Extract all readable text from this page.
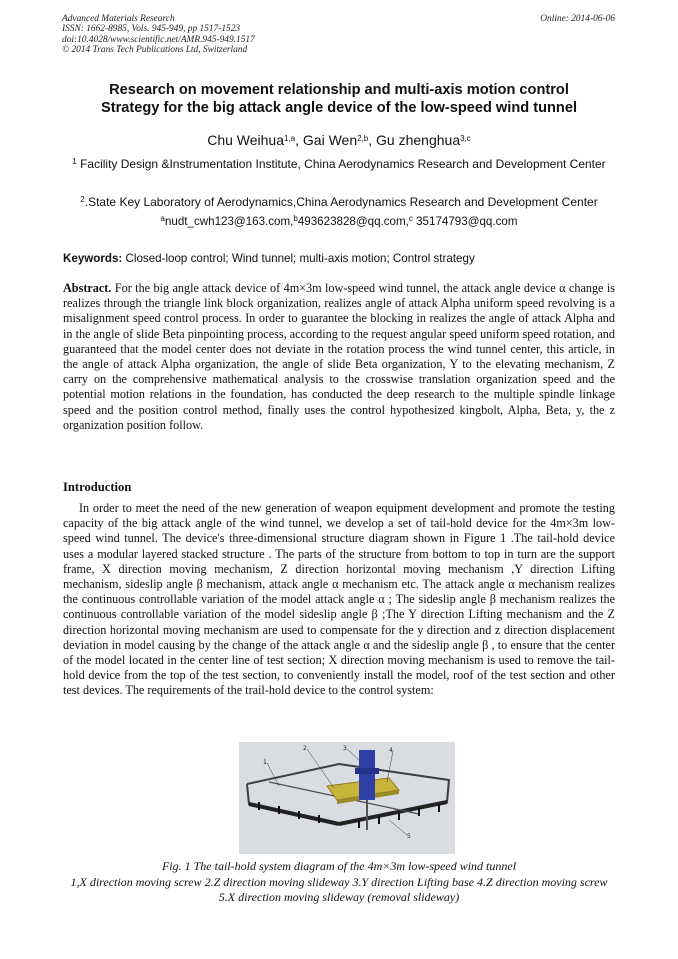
Advanced Materials Research
ISSN: 1662-8985, Vols. 945-949, pp 1517-1523
doi:10.4028/www.scientific.net/AMR.945-949.1517
© 2014 Trans Tech Publications Ltd, Switzerland
Online: 2014-06-06
Research on movement relationship and multi-axis motion control
Strategy for the big attack angle device of the low-speed wind tunnel
Chu Weihua$^{1,a}$, Gai Wen$^{2,b}$, Gu zhenghua$^{3,c}$
$^1$ Facility Design &Instrumentation Institute, China Aerodynamics Research and Development Center
$^2$.State Key Laboratory of Aerodynamics,China Aerodynamics Research and Development Center
$^a$nudt_cwh123@163.com,$^b$493623828@qq.com,$^c$ 35174793@qq.com
Keywords: Closed-loop control; Wind tunnel; multi-axis motion; Control strategy
Abstract. For the big angle attack device of 4m×3m low-speed wind tunnel, the attack angle device α change is realizes through the triangle link block organization, realizes angle of attack Alpha uniform speed revolving is a misalignment speed control process. In order to guarantee the blocking in realizes the angle of attack Alpha and in the angle of slide Beta pinpointing process, according to the request angular speed uniform speed rotation, and guaranteed that the model center does not deviate in the rotation process the wind tunnel center, this article, in the angle of attack Alpha organization, the angle of slide Beta organization, Y to the elevating mechanism, Z carry on the comprehensive mathematical analysis to the crosswise translation organization speed and the potential motion relations in the foundation, has conducted the deep research to the multiple spindle linkage speed and the position control method, finally uses the control hypothesized kingbolt, Alpha, Beta, y, the z organization position follow.
Introduction
In order to meet the need of the new generation of weapon equipment development and promote the testing capacity of the big attack angle of the wind tunnel, we develop a set of tail-hold device for the 4m×3m low-speed wind tunnel. The device's three-dimensional structure diagram shown in Figure 1 .The tail-hold device uses a modular layered stacked structure . The parts of the structure from bottom to top in turn are the support frame, X direction moving mechanism, Z direction horizontal moving mechanism ,Y direction Lifting mechanism, sideslip angle β mechanism, attack angle α mechanism etc. The attack angle α mechanism realizes the continuous controllable variation of the model attack angle α ; The sideslip angle β mechanism realizes the continuous controllable variation of the model sideslip angle β ;The Y direction Lifting mechanism and the Z direction horizontal moving mechanism are used to compensate for the y direction and z direction displacement deviation in model causing by the change of the attack angle α and the sideslip angle β , to ensure that the center of the model located in the center line of test section; X direction moving mechanism is used to remove the tail-hold device from the top of the test section, to conveniently install the model, roof of the test section and other test devices. The requirements of the trail-hold device to the control system:
1
2	3	4
5
Fig. 1 The tail-hold system diagram of the 4m×3m low-speed wind tunnel
1,X direction moving screw 2.Z direction moving slideway 3.Y direction Lifting base 4.Z direction moving screw 5.X direction moving slideway (removal slideway)
